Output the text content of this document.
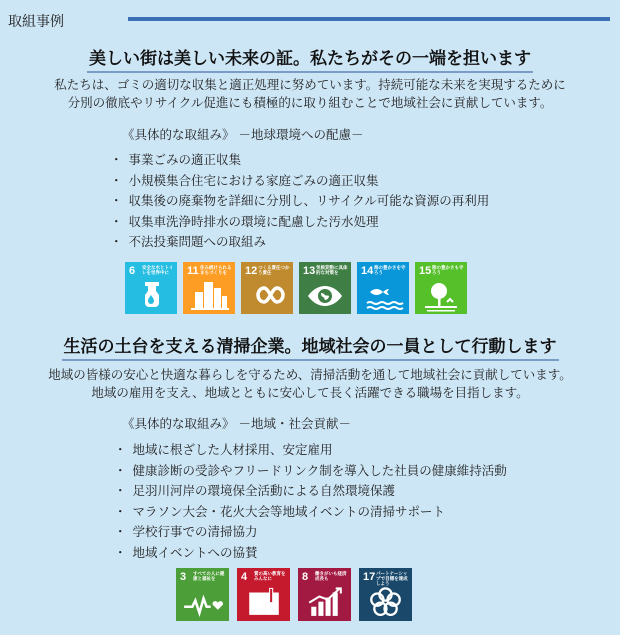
取組事例
美しい街は美しい未来の証。私たちがその一端を担います
私たちは、ゴミの適切な収集と適正処理に努めています。持続可能な未来を実現するために
分別の徹底やリサイクル促進にも積極的に取り組むことで地域社会に貢献しています。
《具体的な取組み》 －地球環境への配慮－
・ 事業ごみの適正収集
・ 小規模集合住宅における家庭ごみの適正収集
・ 収集後の廃棄物を詳細に分別し、リサイクル可能な資源の再利用
・ 収集車洗浄時排水の環境に配慮した汚水処理
・ 不法投棄問題への取組み
6 安全な水とトイレを世界中に	11 住み続けられるまちづくりを	12 つくる責任つかう責任	13 気候変動に具体的な対策を	14 海の豊かさを守ろう	15 陸の豊かさも守ろう
生活の土台を支える清掃企業。地域社会の一員として行動します
地域の皆様の安心と快適な暮らしを守るため、清掃活動を通して地域社会に貢献しています。
地域の雇用を支え、地域とともに安心して長く活躍できる職場を目指します。
《具体的な取組み》 －地域・社会貢献－
・ 地域に根ざした人材採用、安定雇用
・ 健康診断の受診やフリードリンク制を導入した社員の健康維持活動
・ 足羽川河岸の環境保全活動による自然環境保護
・ マラソン大会・花火大会等地域イベントの清掃サポート
・ 学校行事での清掃協力
・ 地域イベントへの協賛
3 すべての人に健康と福祉を	4 質の高い教育をみんなに	8 働きがいも経済成長も	17 パートナーシップで目標を達成しよう
